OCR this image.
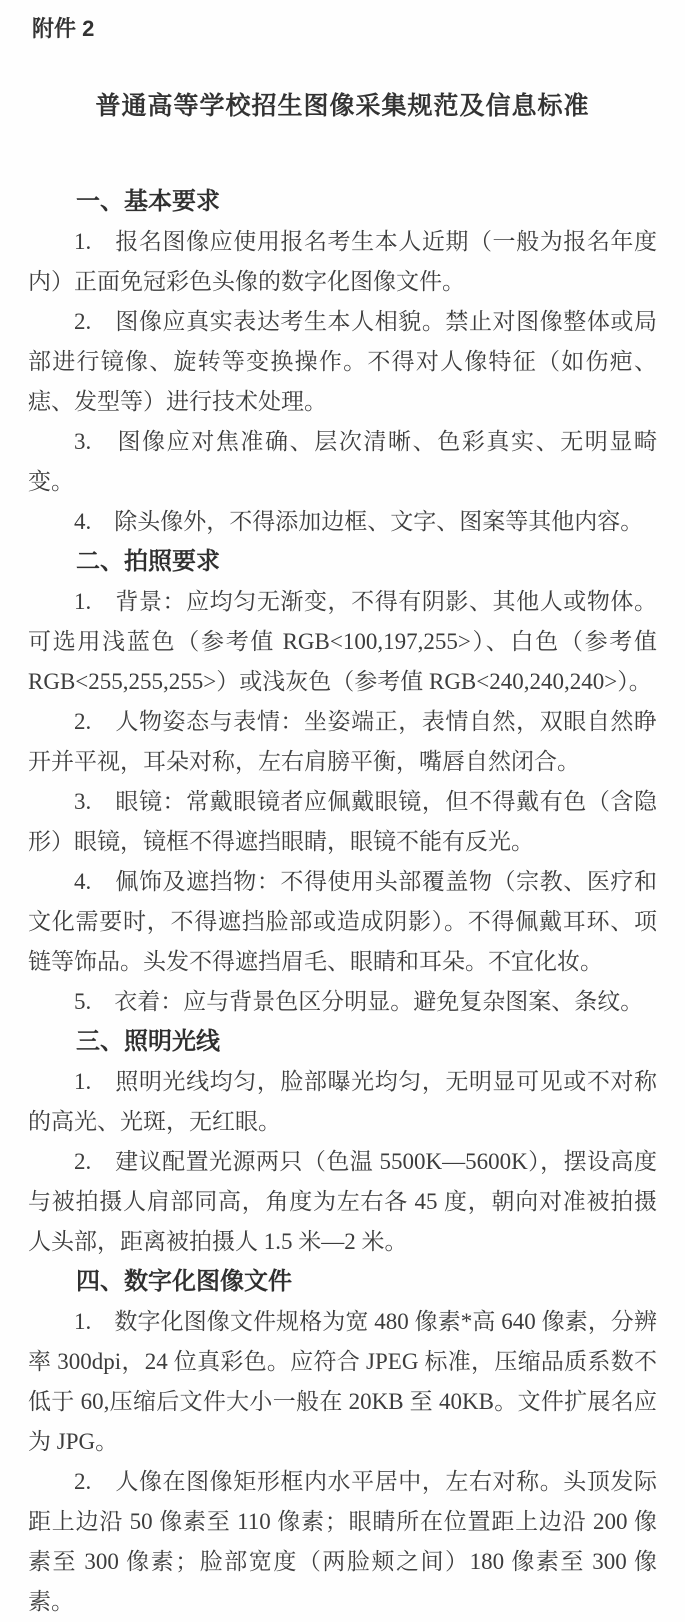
附件 2
普通高等学校招生图像采集规范及信息标准
一、基本要求

1.　报名图像应使用报名考生本人近期（一般为报名年度内）正面免冠彩色头像的数字化图像文件。

2.　图像应真实表达考生本人相貌。禁止对图像整体或局部进行镜像、旋转等变换操作。不得对人像特征（如伤疤、痣、发型等）进行技术处理。

3.　图像应对焦准确、层次清晰、色彩真实、无明显畸变。

4.　除头像外，不得添加边框、文字、图案等其他内容。

二、拍照要求

1.　背景：应均匀无渐变，不得有阴影、其他人或物体。可选用浅蓝色（参考值 RGB<100,197,255>）、白色（参考值 RGB<255,255,255>）或浅灰色（参考值 RGB<240,240,240>）。

2.　人物姿态与表情：坐姿端正，表情自然，双眼自然睁开并平视，耳朵对称，左右肩膀平衡，嘴唇自然闭合。

3.　眼镜：常戴眼镜者应佩戴眼镜，但不得戴有色（含隐形）眼镜，镜框不得遮挡眼睛，眼镜不能有反光。

4.　佩饰及遮挡物：不得使用头部覆盖物（宗教、医疗和文化需要时，不得遮挡脸部或造成阴影）。不得佩戴耳环、项链等饰品。头发不得遮挡眉毛、眼睛和耳朵。不宜化妆。

5.　衣着：应与背景色区分明显。避免复杂图案、条纹。

三、照明光线

1.　照明光线均匀，脸部曝光均匀，无明显可见或不对称的高光、光斑，无红眼。

2.　建议配置光源两只（色温 5500K—5600K），摆设高度与被拍摄人肩部同高，角度为左右各 45 度，朝向对准被拍摄人头部，距离被拍摄人 1.5 米—2 米。

四、数字化图像文件

1.　数字化图像文件规格为宽 480 像素*高 640 像素，分辨率 300dpi，24 位真彩色。应符合 JPEG 标准，压缩品质系数不低于 60,压缩后文件大小一般在 20KB 至 40KB。文件扩展名应为 JPG。

2.　人像在图像矩形框内水平居中，左右对称。头顶发际距上边沿 50 像素至 110 像素；眼睛所在位置距上边沿 200 像素至 300 像素；脸部宽度（两脸颊之间）180 像素至 300 像素。
